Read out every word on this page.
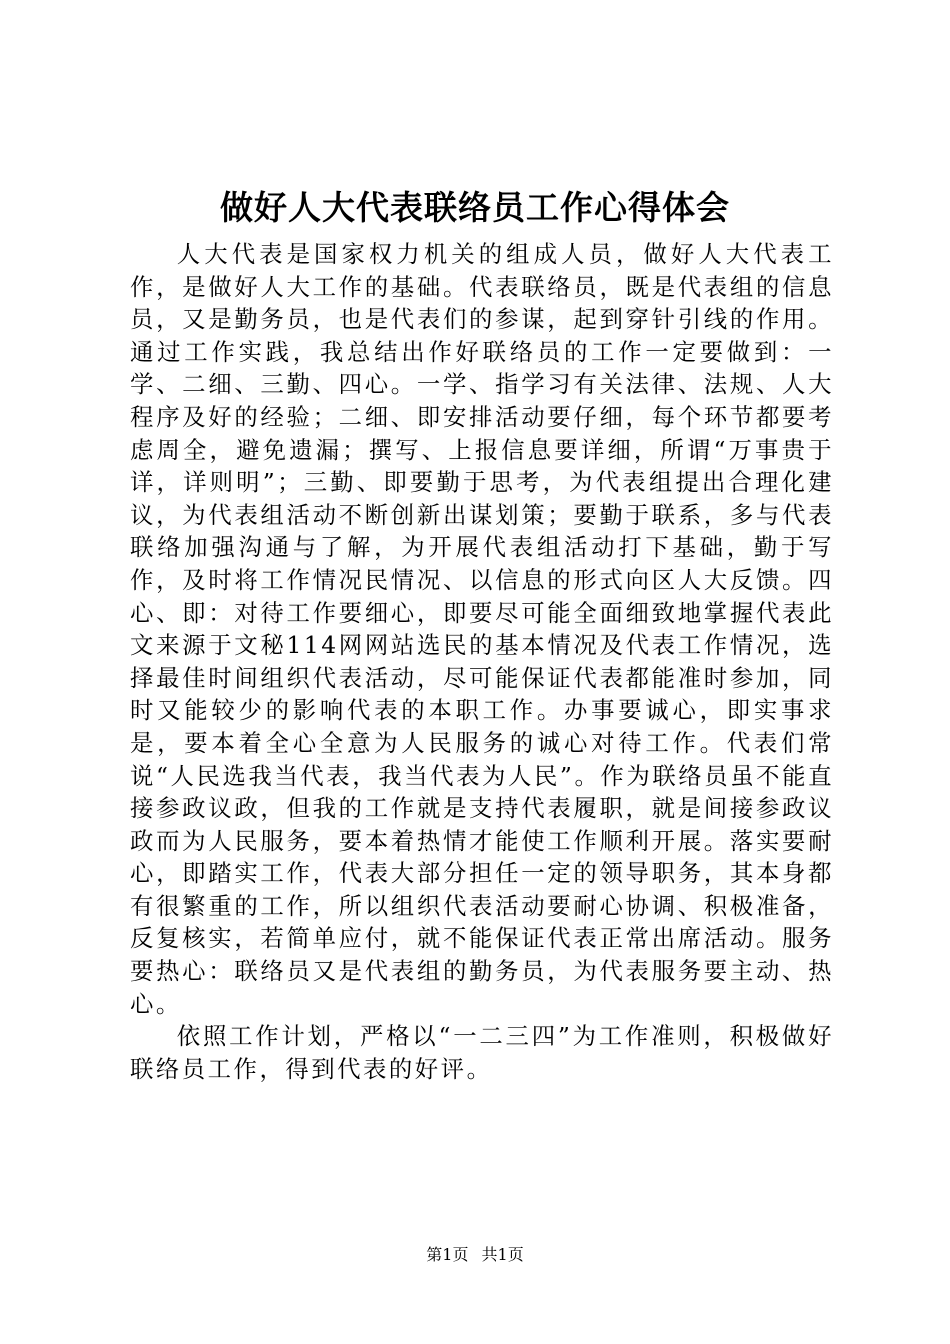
做好人大代表联络员工作心得体会

人大代表是国家权力机关的组成人员，做好人大代表工作，是做好人大工作的基础。代表联络员，既是代表组的信息员，又是勤务员，也是代表们的参谋，起到穿针引线的作用。通过工作实践，我总结出作好联络员的工作一定要做到：一学、二细、三勤、四心。一学、指学习有关法律、法规、人大程序及好的经验；二细、即安排活动要仔细，每个环节都要考虑周全，避免遗漏；撰写、上报信息要详细，所谓“万事贵于详，详则明”；三勤、即要勤于思考，为代表组提出合理化建议，为代表组活动不断创新出谋划策；要勤于联系，多与代表联络加强沟通与了解，为开展代表组活动打下基础，勤于写作，及时将工作情况民情况、以信息的形式向区人大反馈。四心、即：对待工作要细心，即要尽可能全面细致地掌握代表此文来源于文秘114网网站选民的基本情况及代表工作情况，选择最佳时间组织代表活动，尽可能保证代表都能准时参加，同时又能较少的影响代表的本职工作。办事要诚心，即实事求是，要本着全心全意为人民服务的诚心对待工作。代表们常说“人民选我当代表，我当代表为人民”。作为联络员虽不能直接参政议政，但我的工作就是支持代表履职，就是间接参政议政而为人民服务，要本着热情才能使工作顺利开展。落实要耐心，即踏实工作，代表大部分担任一定的领导职务，其本身都有很繁重的工作，所以组织代表活动要耐心协调、积极准备，反复核实，若简单应付，就不能保证代表正常出席活动。服务要热心：联络员又是代表组的勤务员，为代表服务要主动、热心。

依照工作计划，严格以“一二三四”为工作准则，积极做好联络员工作，得到代表的好评。

第1页 共1页
